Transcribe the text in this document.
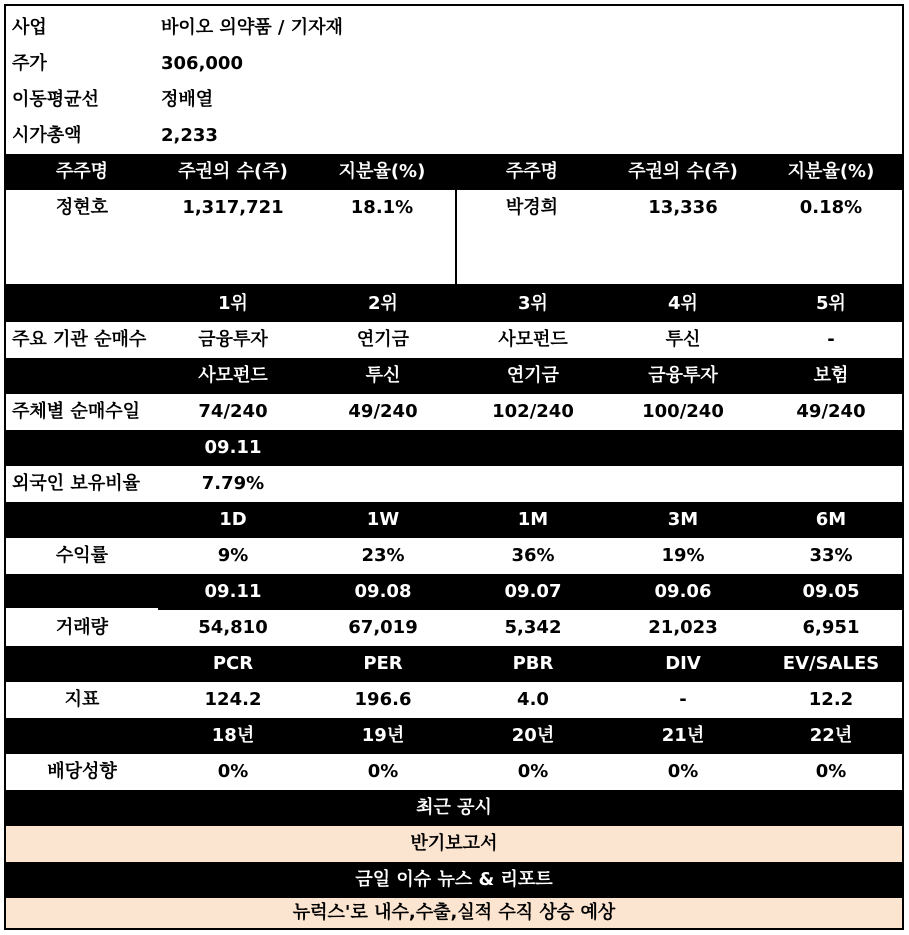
사업	바이오 의약품 / 기자재
주가	306,000
이동평균선	정배열
시가총액	2,233
주주명	주권의 수(주)	지분율(%)	주주명	주권의 수(주)	지분율(%)
정현호	1,317,721	18.1%	박경희	13,336	0.18%
1위	2위	3위	4위	5위
주요 기관 순매수	금융투자	연기금	사모펀드	투신	-
사모펀드	투신	연기금	금융투자	보험
주체별 순매수일	74/240	49/240	102/240	100/240	49/240
09.11
외국인 보유비율	7.79%
1D	1W	1M	3M	6M
수익률	9%	23%	36%	19%	33%
09.11	09.08	09.07	09.06	09.05
거래량	54,810	67,019	5,342	21,023	6,951
PCR	PER	PBR	DIV	EV/SALES
지표	124.2	196.6	4.0	-	12.2
18년	19년	20년	21년	22년
배당성향	0%	0%	0%	0%	0%
최근 공시
반기보고서
금일 이슈 뉴스 & 리포트
뉴럭스'로 내수,수출,실적 수직 상승 예상
